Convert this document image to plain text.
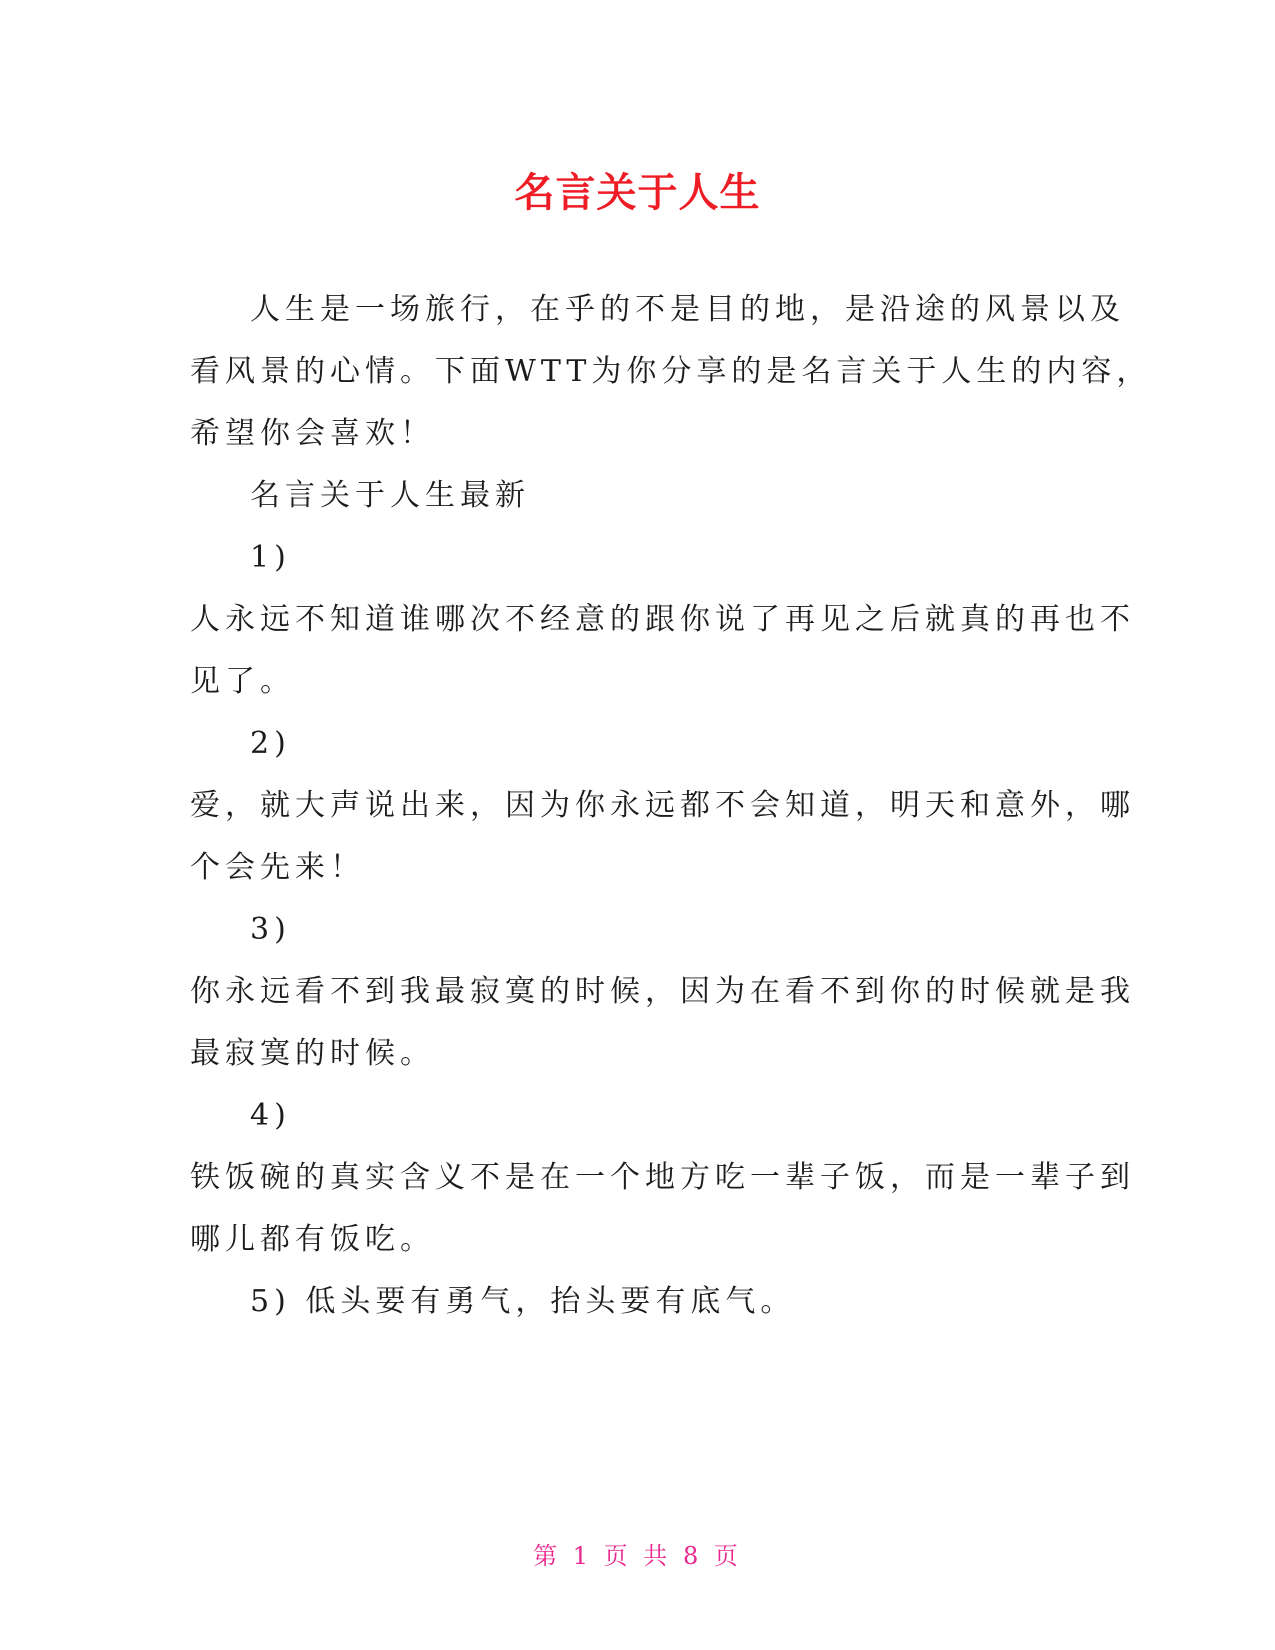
名言关于人生
人生是一场旅行，在乎的不是目的地，是沿途的风景以及
看风景的心情。下面WTT为你分享的是名言关于人生的内容，
希望你会喜欢！
名言关于人生最新
1)
人永远不知道谁哪次不经意的跟你说了再见之后就真的再也不
见了。
2)
爱，就大声说出来，因为你永远都不会知道，明天和意外，哪
个会先来！
3)
你永远看不到我最寂寞的时候，因为在看不到你的时候就是我
最寂寞的时候。
4)
铁饭碗的真实含义不是在一个地方吃一辈子饭，而是一辈子到
哪儿都有饭吃。
5) 低头要有勇气，抬头要有底气。
第 1 页 共 8 页
